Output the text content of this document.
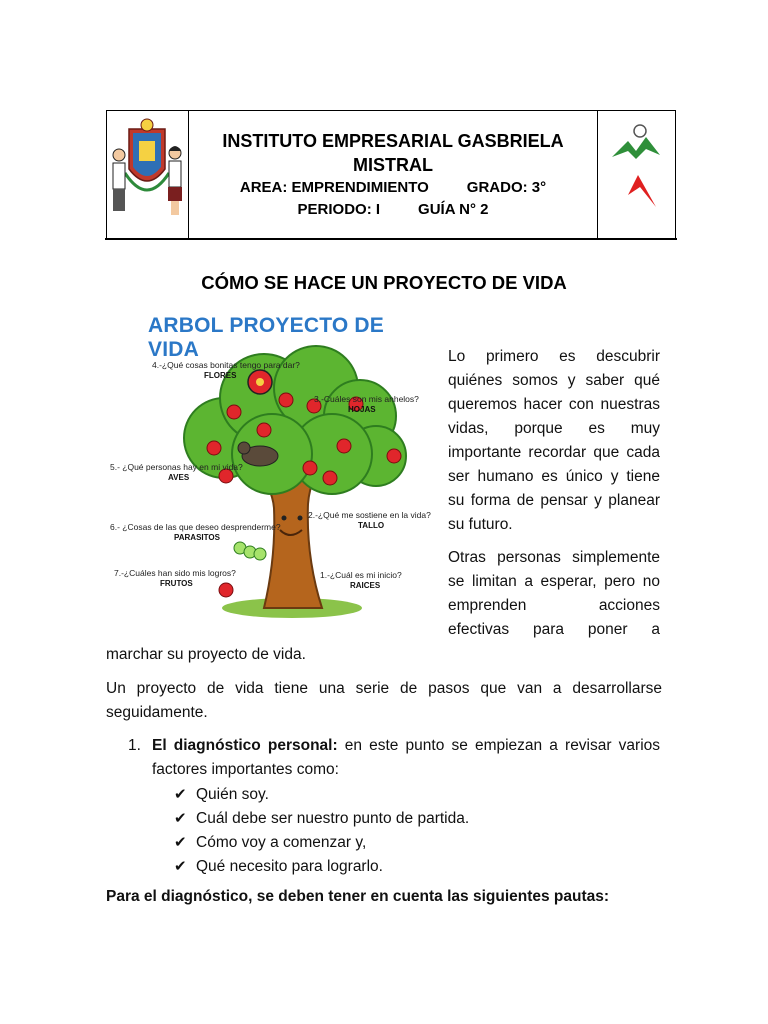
INSTITUTO EMPRESARIAL GASBRIELA MISTRAL
AREA: EMPRENDIMIENTO	GRADO: 3°
PERIODO: I	GUÍA N° 2
CÓMO SE HACE UN PROYECTO DE VIDA
ARBOL PROYECTO DE VIDA
4.-¿Qué cosas bonitas tengo para dar?
FLORES
3.-Cuáles son mis anhelos?
HOJAS
5.- ¿Qué personas hay en mi vida?
AVES
2.-¿Qué me sostiene en la vida?
TALLO
6.- ¿Cosas de las que deseo desprenderme?
PARASITOS
7.-¿Cuáles han sido mis logros?
FRUTOS
1.-¿Cuál es mi inicio?
RAICES
Lo primero es descubrir
quiénes somos y saber qué
queremos hacer con nuestras
vidas, porque es muy
importante recordar que cada
ser humano es único y tiene
su forma de pensar y planear
su futuro.
Otras personas simplemente
se limitan a esperar, pero no
emprenden acciones
efectivas para poner a
marchar su proyecto de vida.
Un proyecto de vida tiene una serie de pasos que van a desarrollarse seguidamente.
1. El diagnóstico personal: en este punto se empiezan a revisar varios factores importantes como:
✔ Quién soy.
✔ Cuál debe ser nuestro punto de partida.
✔ Cómo voy a comenzar y,
✔ Qué necesito para lograrlo.
Para el diagnóstico, se deben tener en cuenta las siguientes pautas:
